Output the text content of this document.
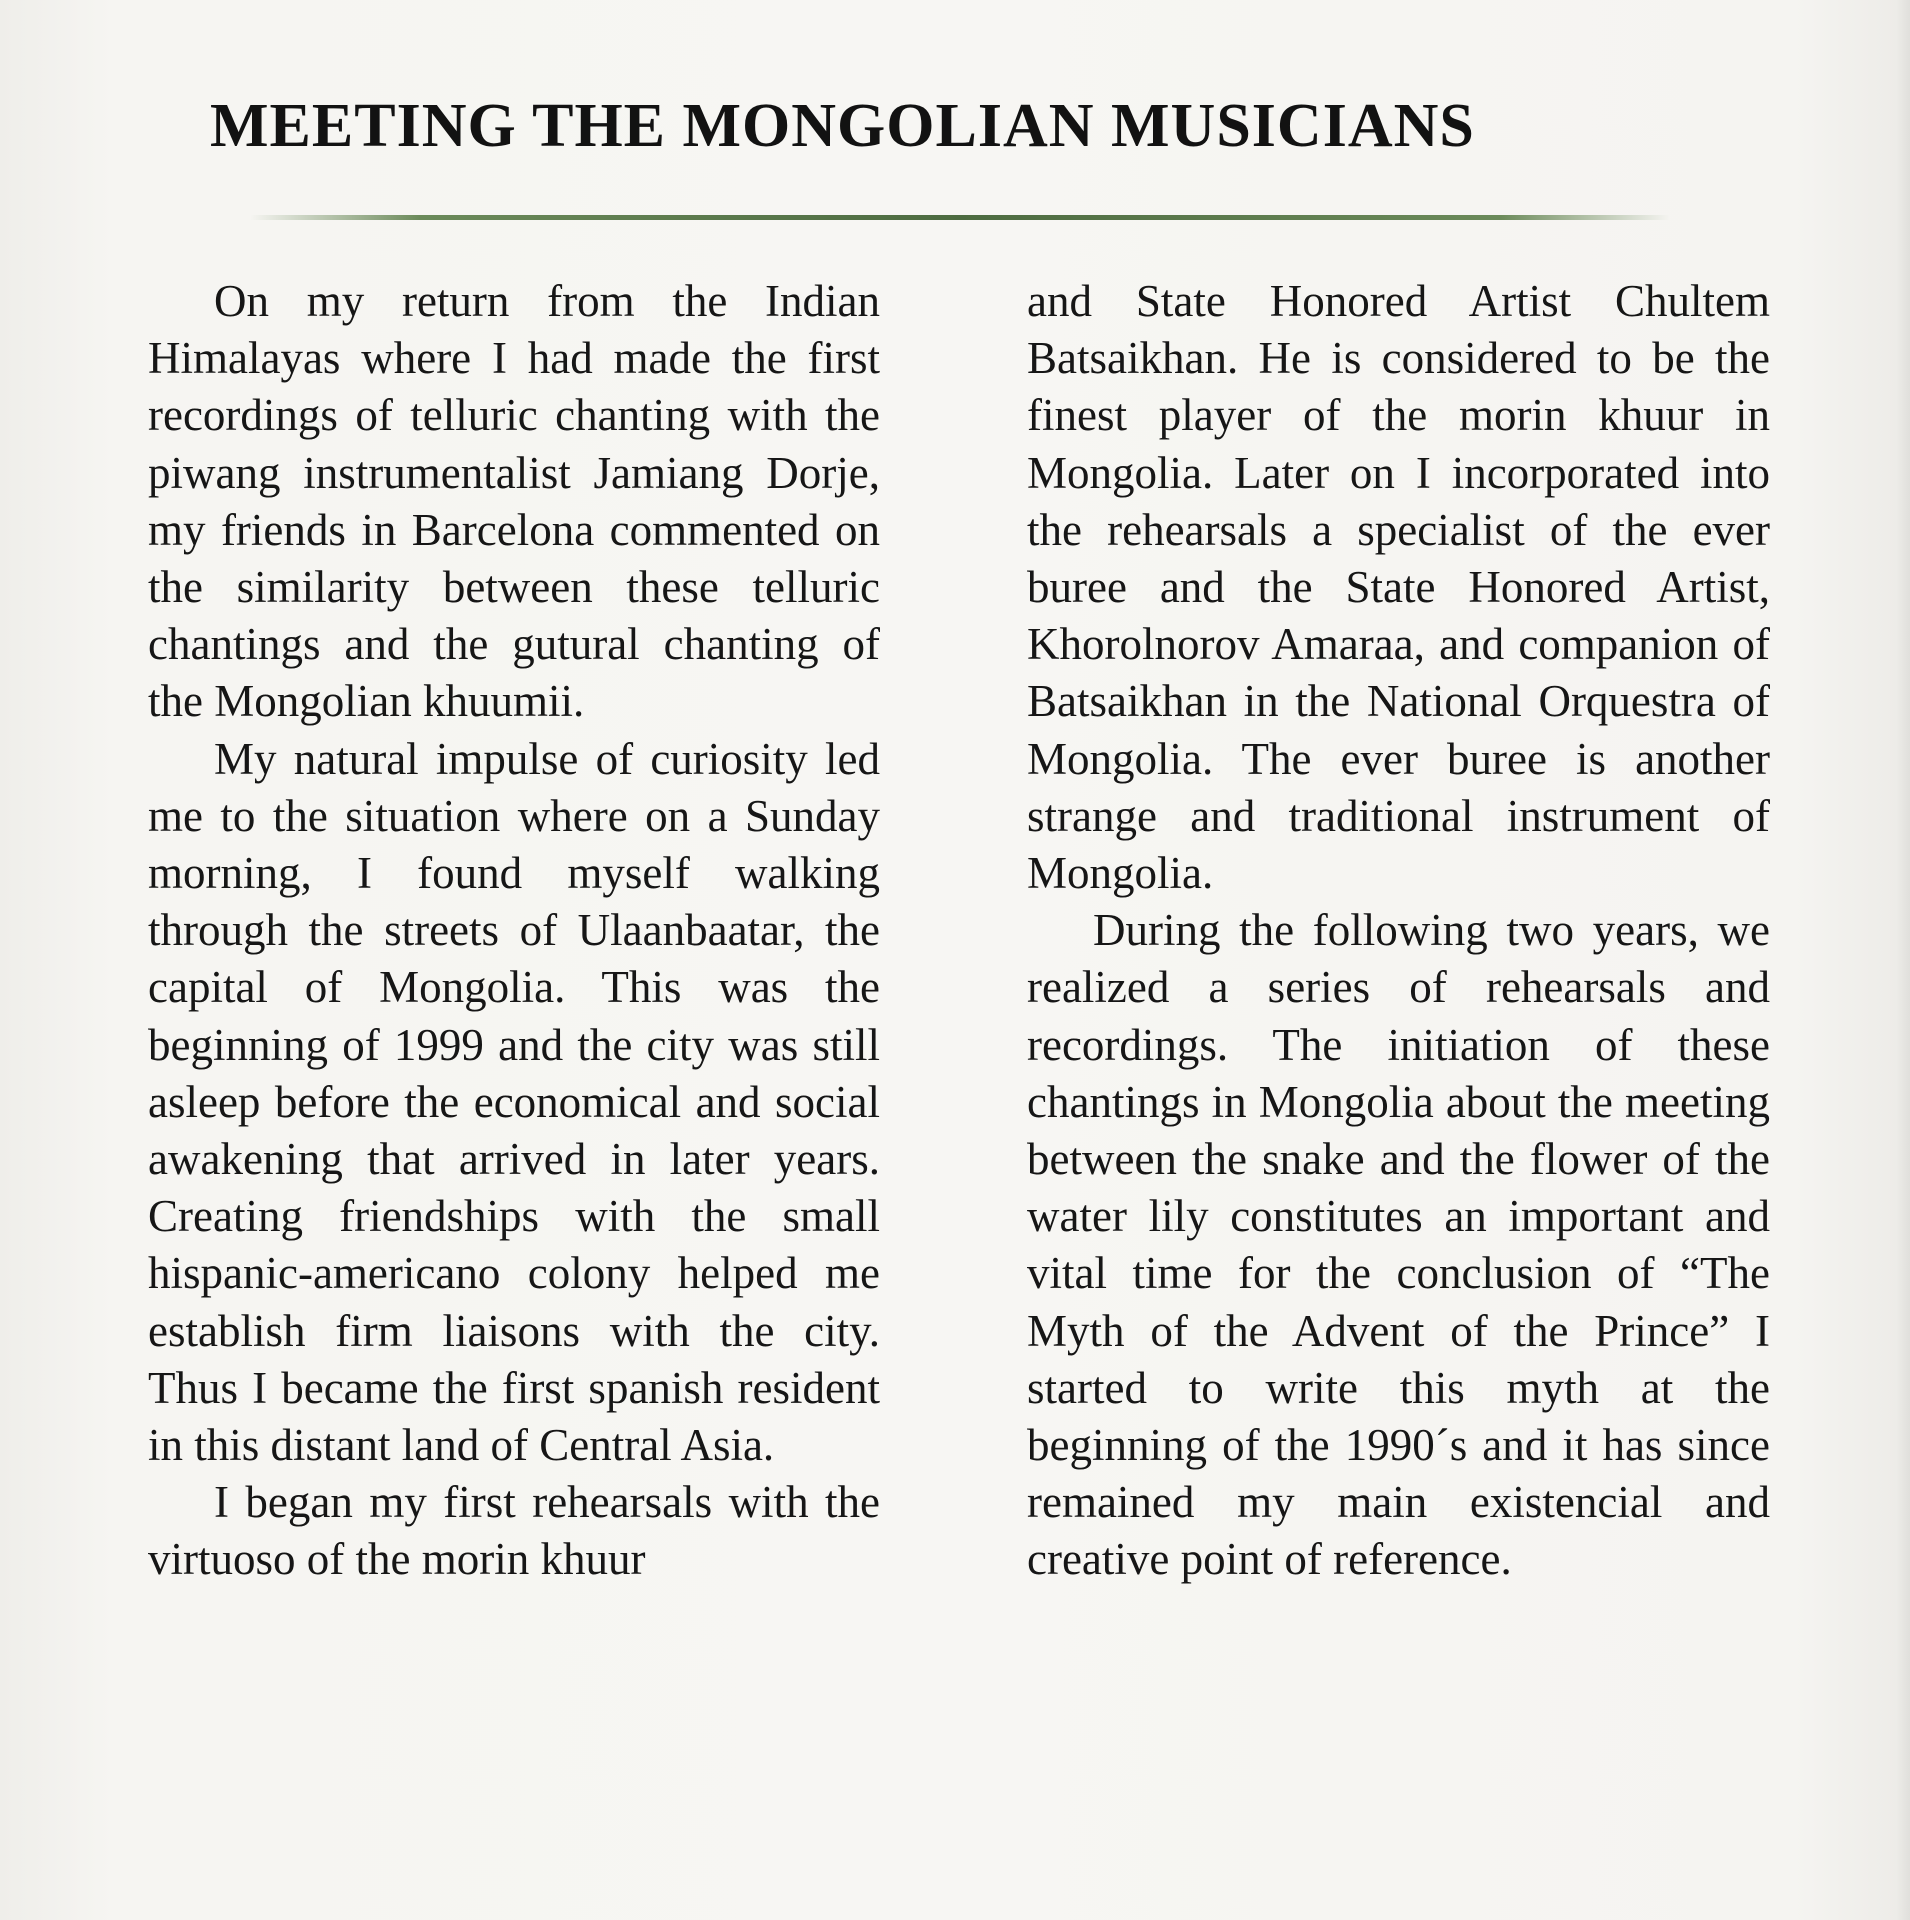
MEETING THE MONGOLIAN MUSICIANS

On my return from the Indian Himalayas where I had made the first recordings of telluric chanting with the piwang instrumentalist Jamiang Dorje, my friends in Barcelona commented on the similarity between these telluric chantings and the gutural chanting of the Mongolian khuumii.

My natural impulse of curiosity led me to the situation where on a Sunday morning, I found myself walking through the streets of Ulaanbaatar, the capital of Mongolia. This was the beginning of 1999 and the city was still asleep before the economical and social awakening that arrived in later years. Creating friendships with the small hispanic-americano colony helped me establish firm liaisons with the city. Thus I became the first spanish resident in this distant land of Central Asia.

I began my first rehearsals with the virtuoso of the morin khuur

and State Honored Artist Chultem Batsaikhan. He is considered to be the finest player of the morin khuur in Mongolia. Later on I incorporated into the rehearsals a specialist of the ever buree and the State Honored Artist, Khorolnorov Amaraa, and companion of Batsaikhan in the National Orquestra of Mongolia. The ever buree is another strange and traditional instrument of Mongolia.

During the following two years, we realized a series of rehearsals and recordings. The initiation of these chantings in Mongolia about the meeting between the snake and the flower of the water lily constitutes an important and vital time for the conclusion of “The Myth of the Advent of the Prince” I started to write this myth at the beginning of the 1990´s and it has since remained my main existencial and creative point of reference.
